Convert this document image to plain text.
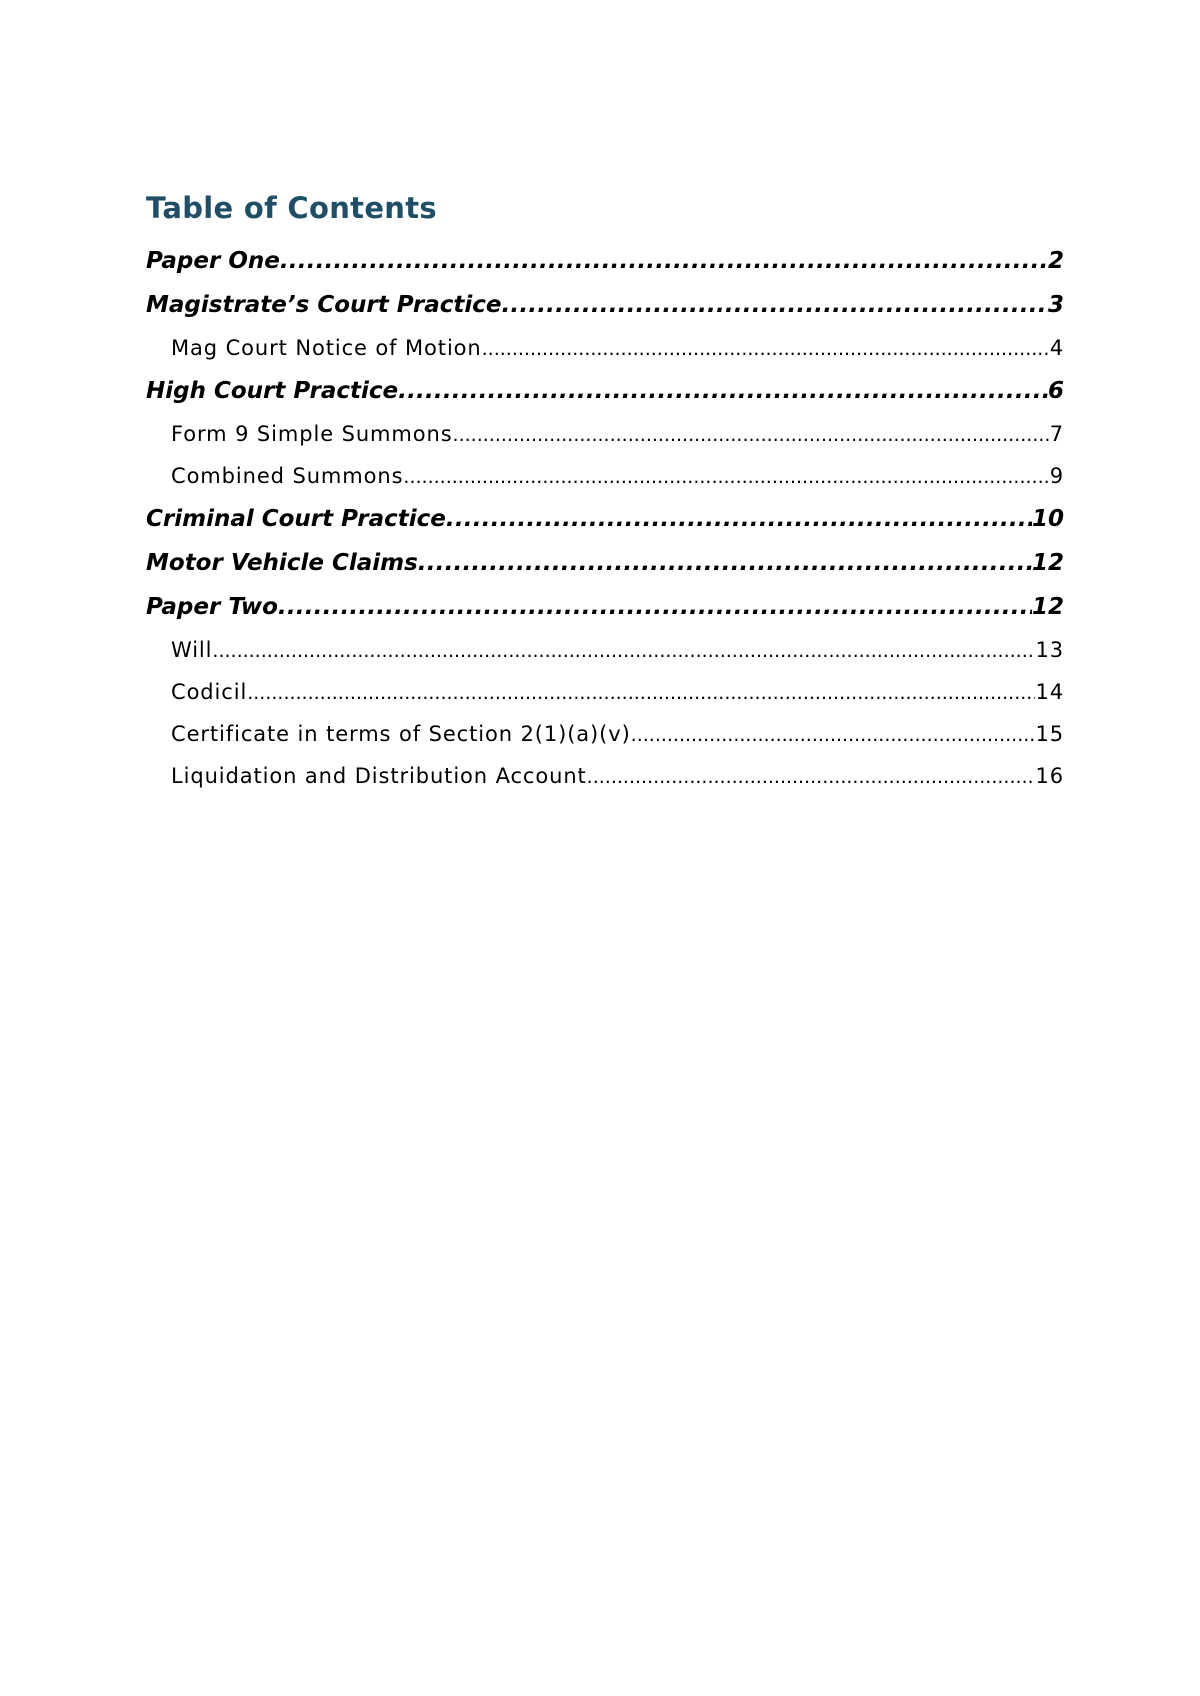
Table of Contents
Paper One .....	2
Magistrate’s Court Practice .....	3
Mag Court Notice of Motion .....	4
High Court Practice .....	6
Form 9 Simple Summons .....	7
Combined Summons .....	9
Criminal Court Practice .....	10
Motor Vehicle Claims .....	12
Paper Two .....	12
Will .....	13
Codicil .....	14
Certificate in terms of Section 2(1)(a)(v) .....	15
Liquidation and Distribution Account .....	16
